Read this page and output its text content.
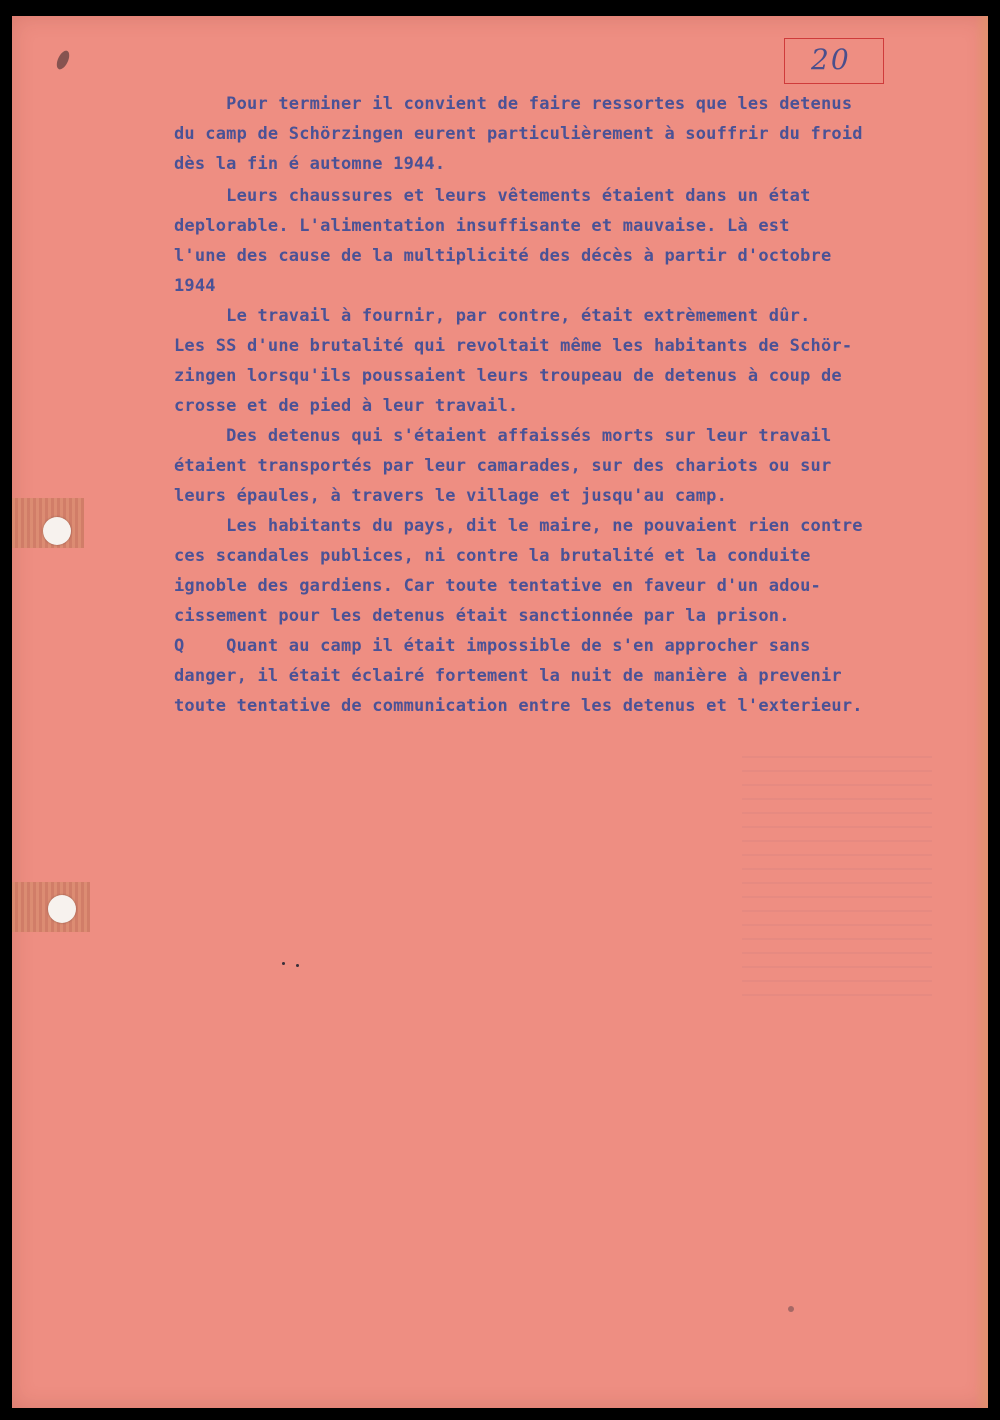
20
Pour terminer il convient de faire ressortes que les detenus
du camp de Schörzingen eurent particulièrement à souffrir du froid
dès la fin é automne 1944.
Leurs chaussures et leurs vêtements étaient dans un état
deplorable. L'alimentation insuffisante et mauvaise. Là est
l'une des cause de la multiplicité des décès à partir d'octobre
1944
Le travail à fournir, par contre, était extrèmement dûr.
Les SS d'une brutalité qui revoltait même les habitants de Schör-
zingen lorsqu'ils poussaient leurs troupeau de detenus à coup de
crosse et de pied à leur travail.
Des detenus qui s'étaient affaissés morts sur leur travail
étaient transportés par leur camarades, sur des chariots ou sur
leurs épaules, à travers le village et jusqu'au camp.
Les habitants du pays, dit le maire, ne pouvaient rien contre
ces scandales publices, ni contre la brutalité et la conduite
ignoble des gardiens. Car toute tentative en faveur d'un adou-
cissement pour les detenus était sanctionnée par la prison.
Q    Quant au camp il était impossible de s'en approcher sans
danger, il était éclairé fortement la nuit de manière à prevenir
toute tentative de communication entre les detenus et l'exterieur.
